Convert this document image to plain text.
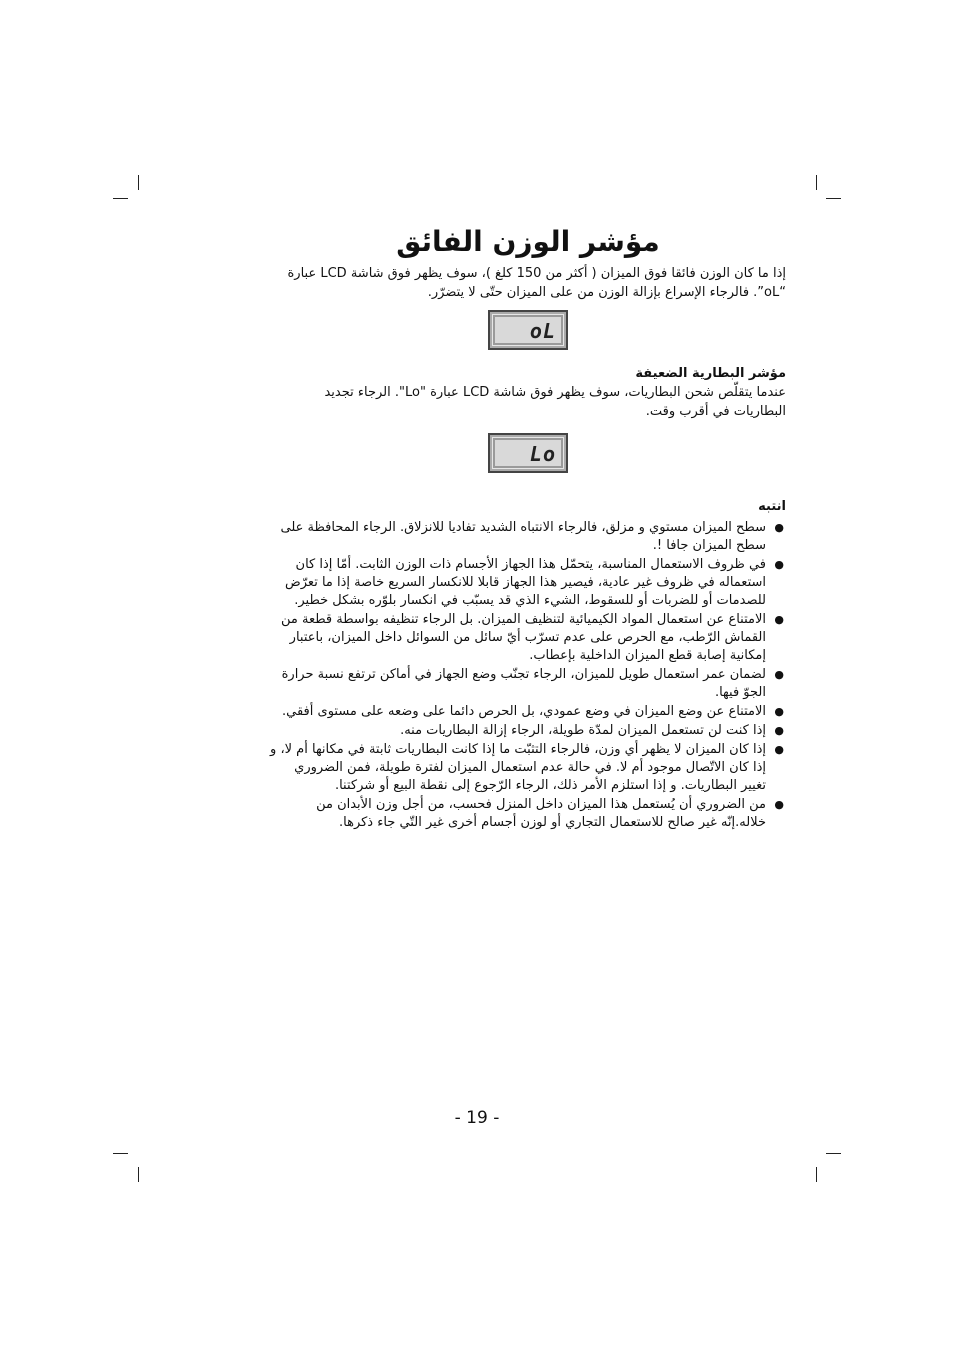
مؤشر الوزن الفائق

إذا ما كان الوزن فائقا فوق الميزان ( أكثر من 150 كلغ )، سوف يظهر فوق شاشة LCD عبارة “oL”. فالرجاء الإسراع بإزالة الوزن من على الميزان حتّى لا يتضرّر.

oL
مؤشر البطارية الضعيفة

عندما يتقلّص شحن البطاريات، سوف يظهر فوق شاشة LCD عبارة "Lo". الرجاء تجديد البطاريات في أقرب وقت.

Lo
انتبه
●
سطح الميزان مستوي و مزلق، فالرجاء الانتباه الشديد تفاديا للانزلاق. الرجاء المحافظة على سطح الميزان جافا !.
●
في ظروف الاستعمال المناسبة، يتحمّل هذا الجهاز الأجسام ذات الوزن الثابت. أمّا إذا كان استعماله في ظروف غير عادية، فيصير هذا الجهاز قابلا للانكسار السريع خاصة إذا ما تعرّض للصدمات أو للضربات أو للسقوط، الشيء الذي قد يسبّب في انكسار بلوّره بشكل خطير.
●
الامتناع عن استعمال المواد الكيميائية لتنظيف الميزان. بل الرجاء تنظيفه بواسطة قطعة من القماش الرّطب، مع الحرص على عدم تسرّب أيّ سائل من السوائل داخل الميزان، باعتبار إمكانية إصابة قطع الميزان الداخلية بإعطاب.
●
لضمان عمر استعمال طويل للميزان، الرجاء تجنّب وضع الجهاز في أماكن ترتفع نسبة حرارة الجوّ فيها.
●
الامتناع عن وضع الميزان في وضع عمودي، بل الحرص دائما على وضعه على مستوى أفقي.
●
إذا كنت لن تستعمل الميزان لمدّة طويلة، الرجاء إزالة البطاريات منه.
●
إذا كان الميزان لا يظهر أي وزن، فالرجاء التثبّت ما إذا كانت البطاريات ثابتة في مكانها أم لا، و إذا كان الاتّصال موجود أم لا. في حالة عدم استعمال الميزان لفترة طويلة، فمن الضروري تغيير البطاريات. و إذا استلزم الأمر ذلك، الرجاء الرّجوع إلى نقطة البيع أو شركتنا.
●
من الضروري أن يُستعمل هذا الميزان داخل المنزل فحسب، من أجل وزن الأبدان من خلاله.إنّه غير صالح للاستعمال التجاري أو لوزن أجسام أخرى غير التّي جاء ذكرها.
- 19 -
